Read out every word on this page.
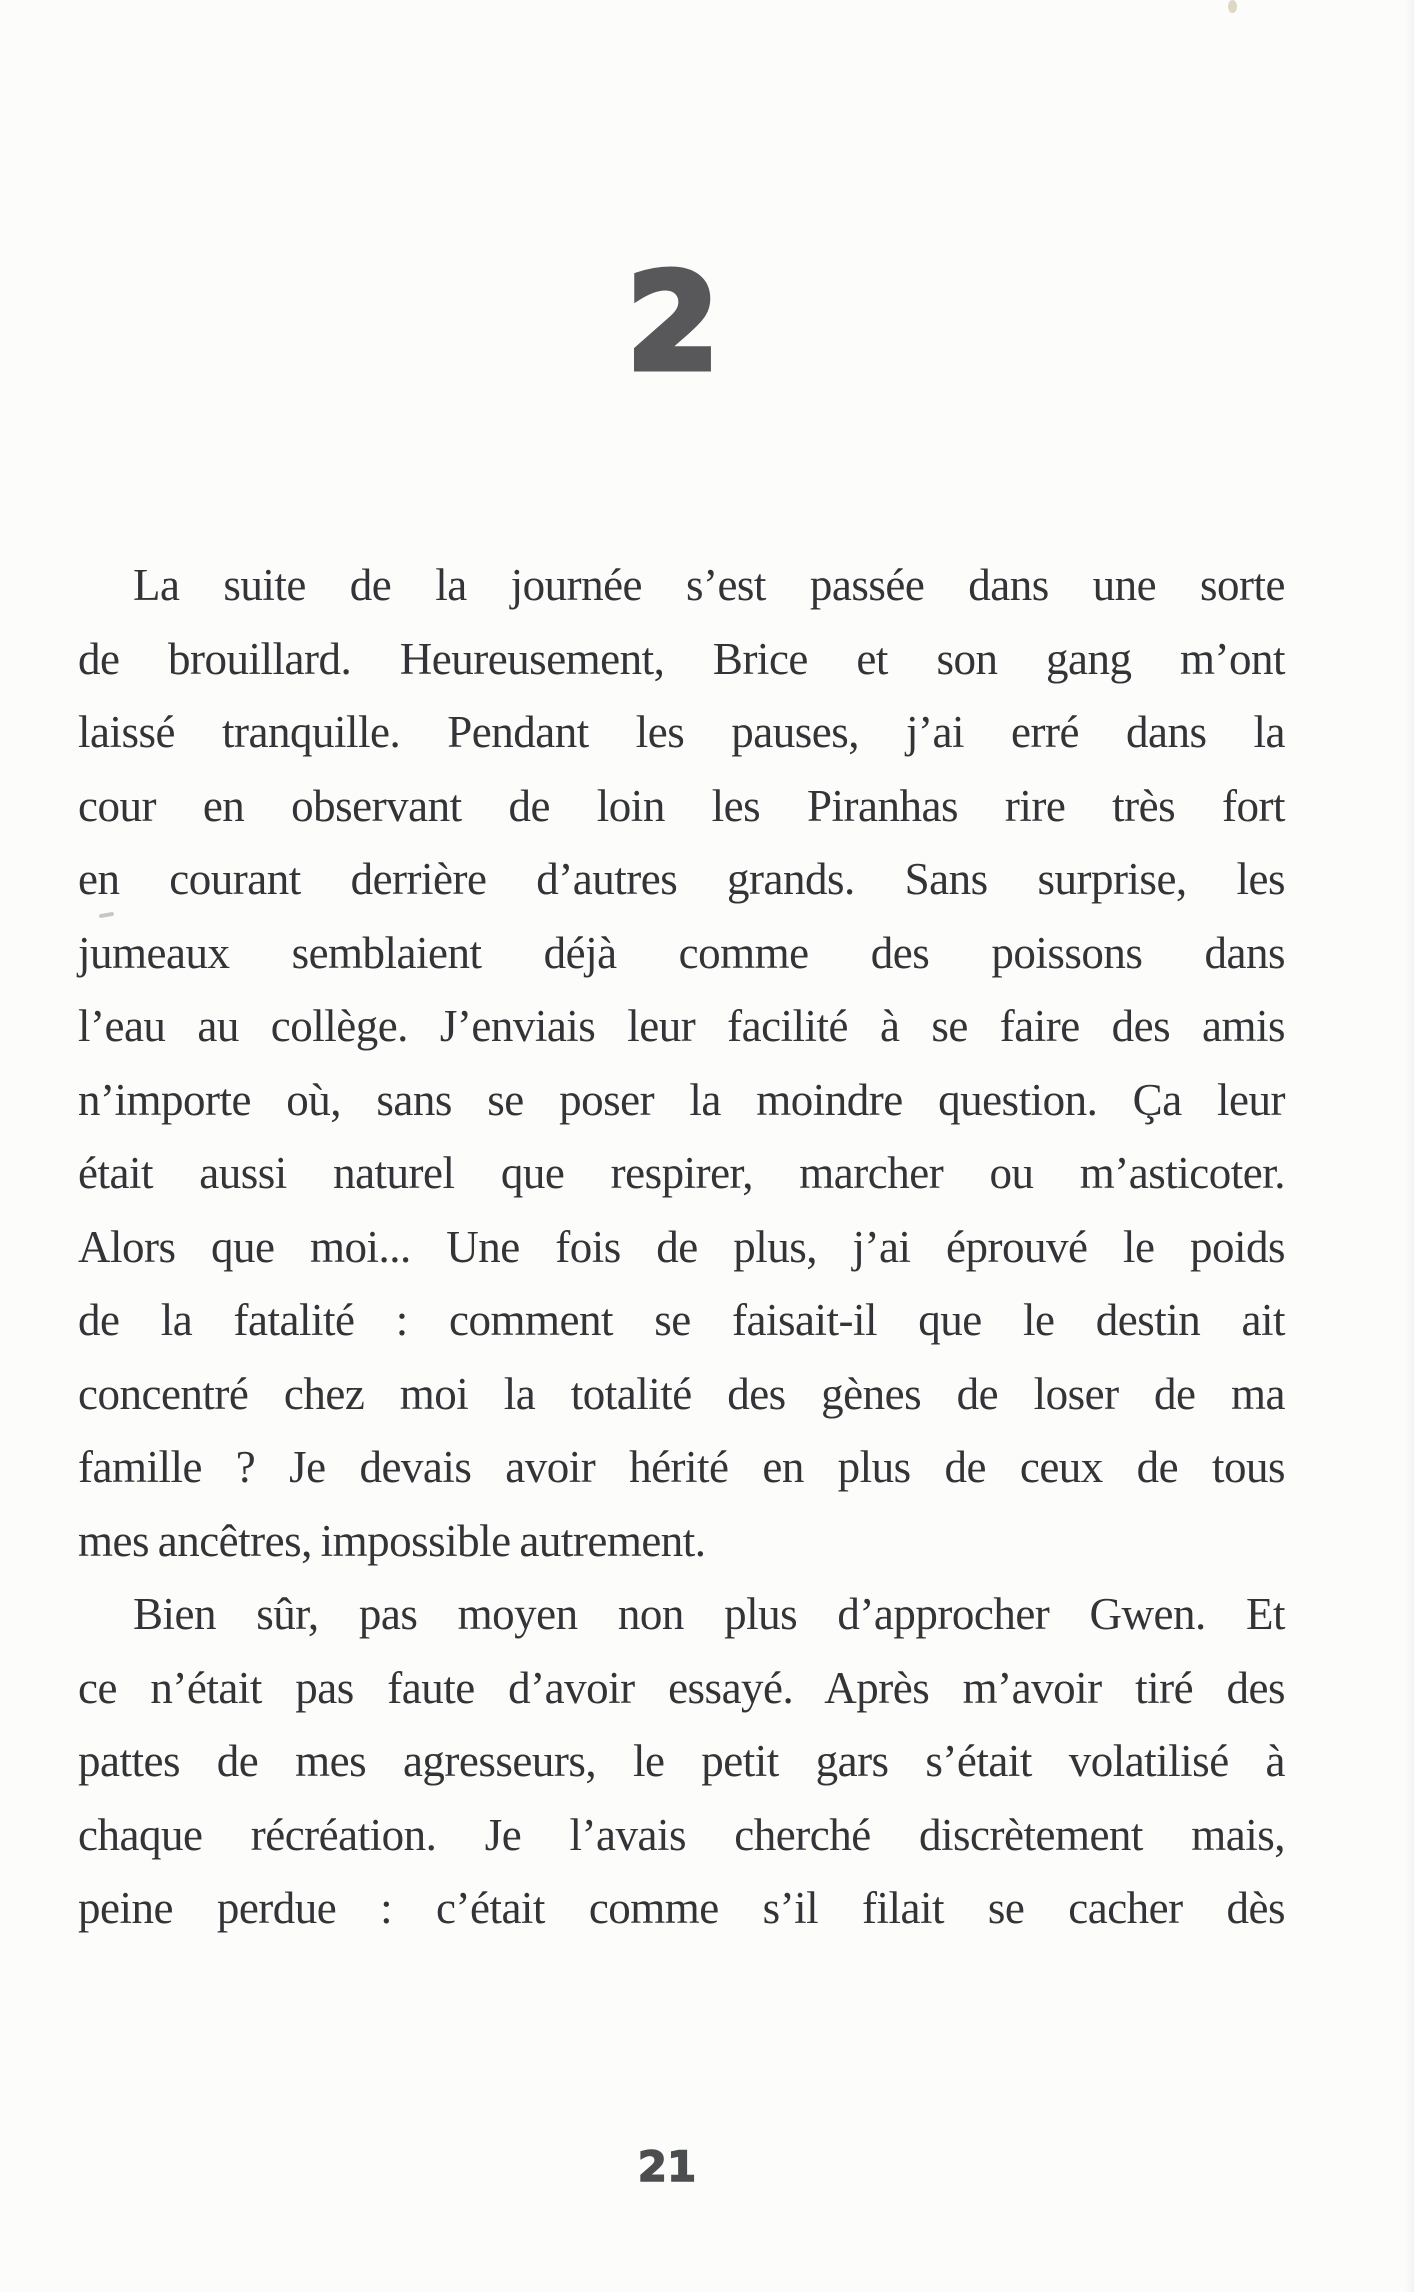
2
La suite de la journée s’est passée dans une sorte
de brouillard. Heureusement, Brice et son gang m’ont
laissé tranquille. Pendant les pauses, j’ai erré dans la
cour en observant de loin les Piranhas rire très fort
en courant derrière d’autres grands. Sans surprise, les
jumeaux semblaient déjà comme des poissons dans
l’eau au collège. J’enviais leur facilité à se faire des amis
n’importe où, sans se poser la moindre question. Ça leur
était aussi naturel que respirer, marcher ou m’asticoter.
Alors que moi... Une fois de plus, j’ai éprouvé le poids
de la fatalité : comment se faisait-il que le destin ait
concentré chez moi la totalité des gènes de loser de ma
famille ? Je devais avoir hérité en plus de ceux de tous
mes ancêtres, impossible autrement.
Bien sûr, pas moyen non plus d’approcher Gwen. Et
ce n’était pas faute d’avoir essayé. Après m’avoir tiré des
pattes de mes agresseurs, le petit gars s’était volatilisé à
chaque récréation. Je l’avais cherché discrètement mais,
peine perdue : c’était comme s’il filait se cacher dès
21
